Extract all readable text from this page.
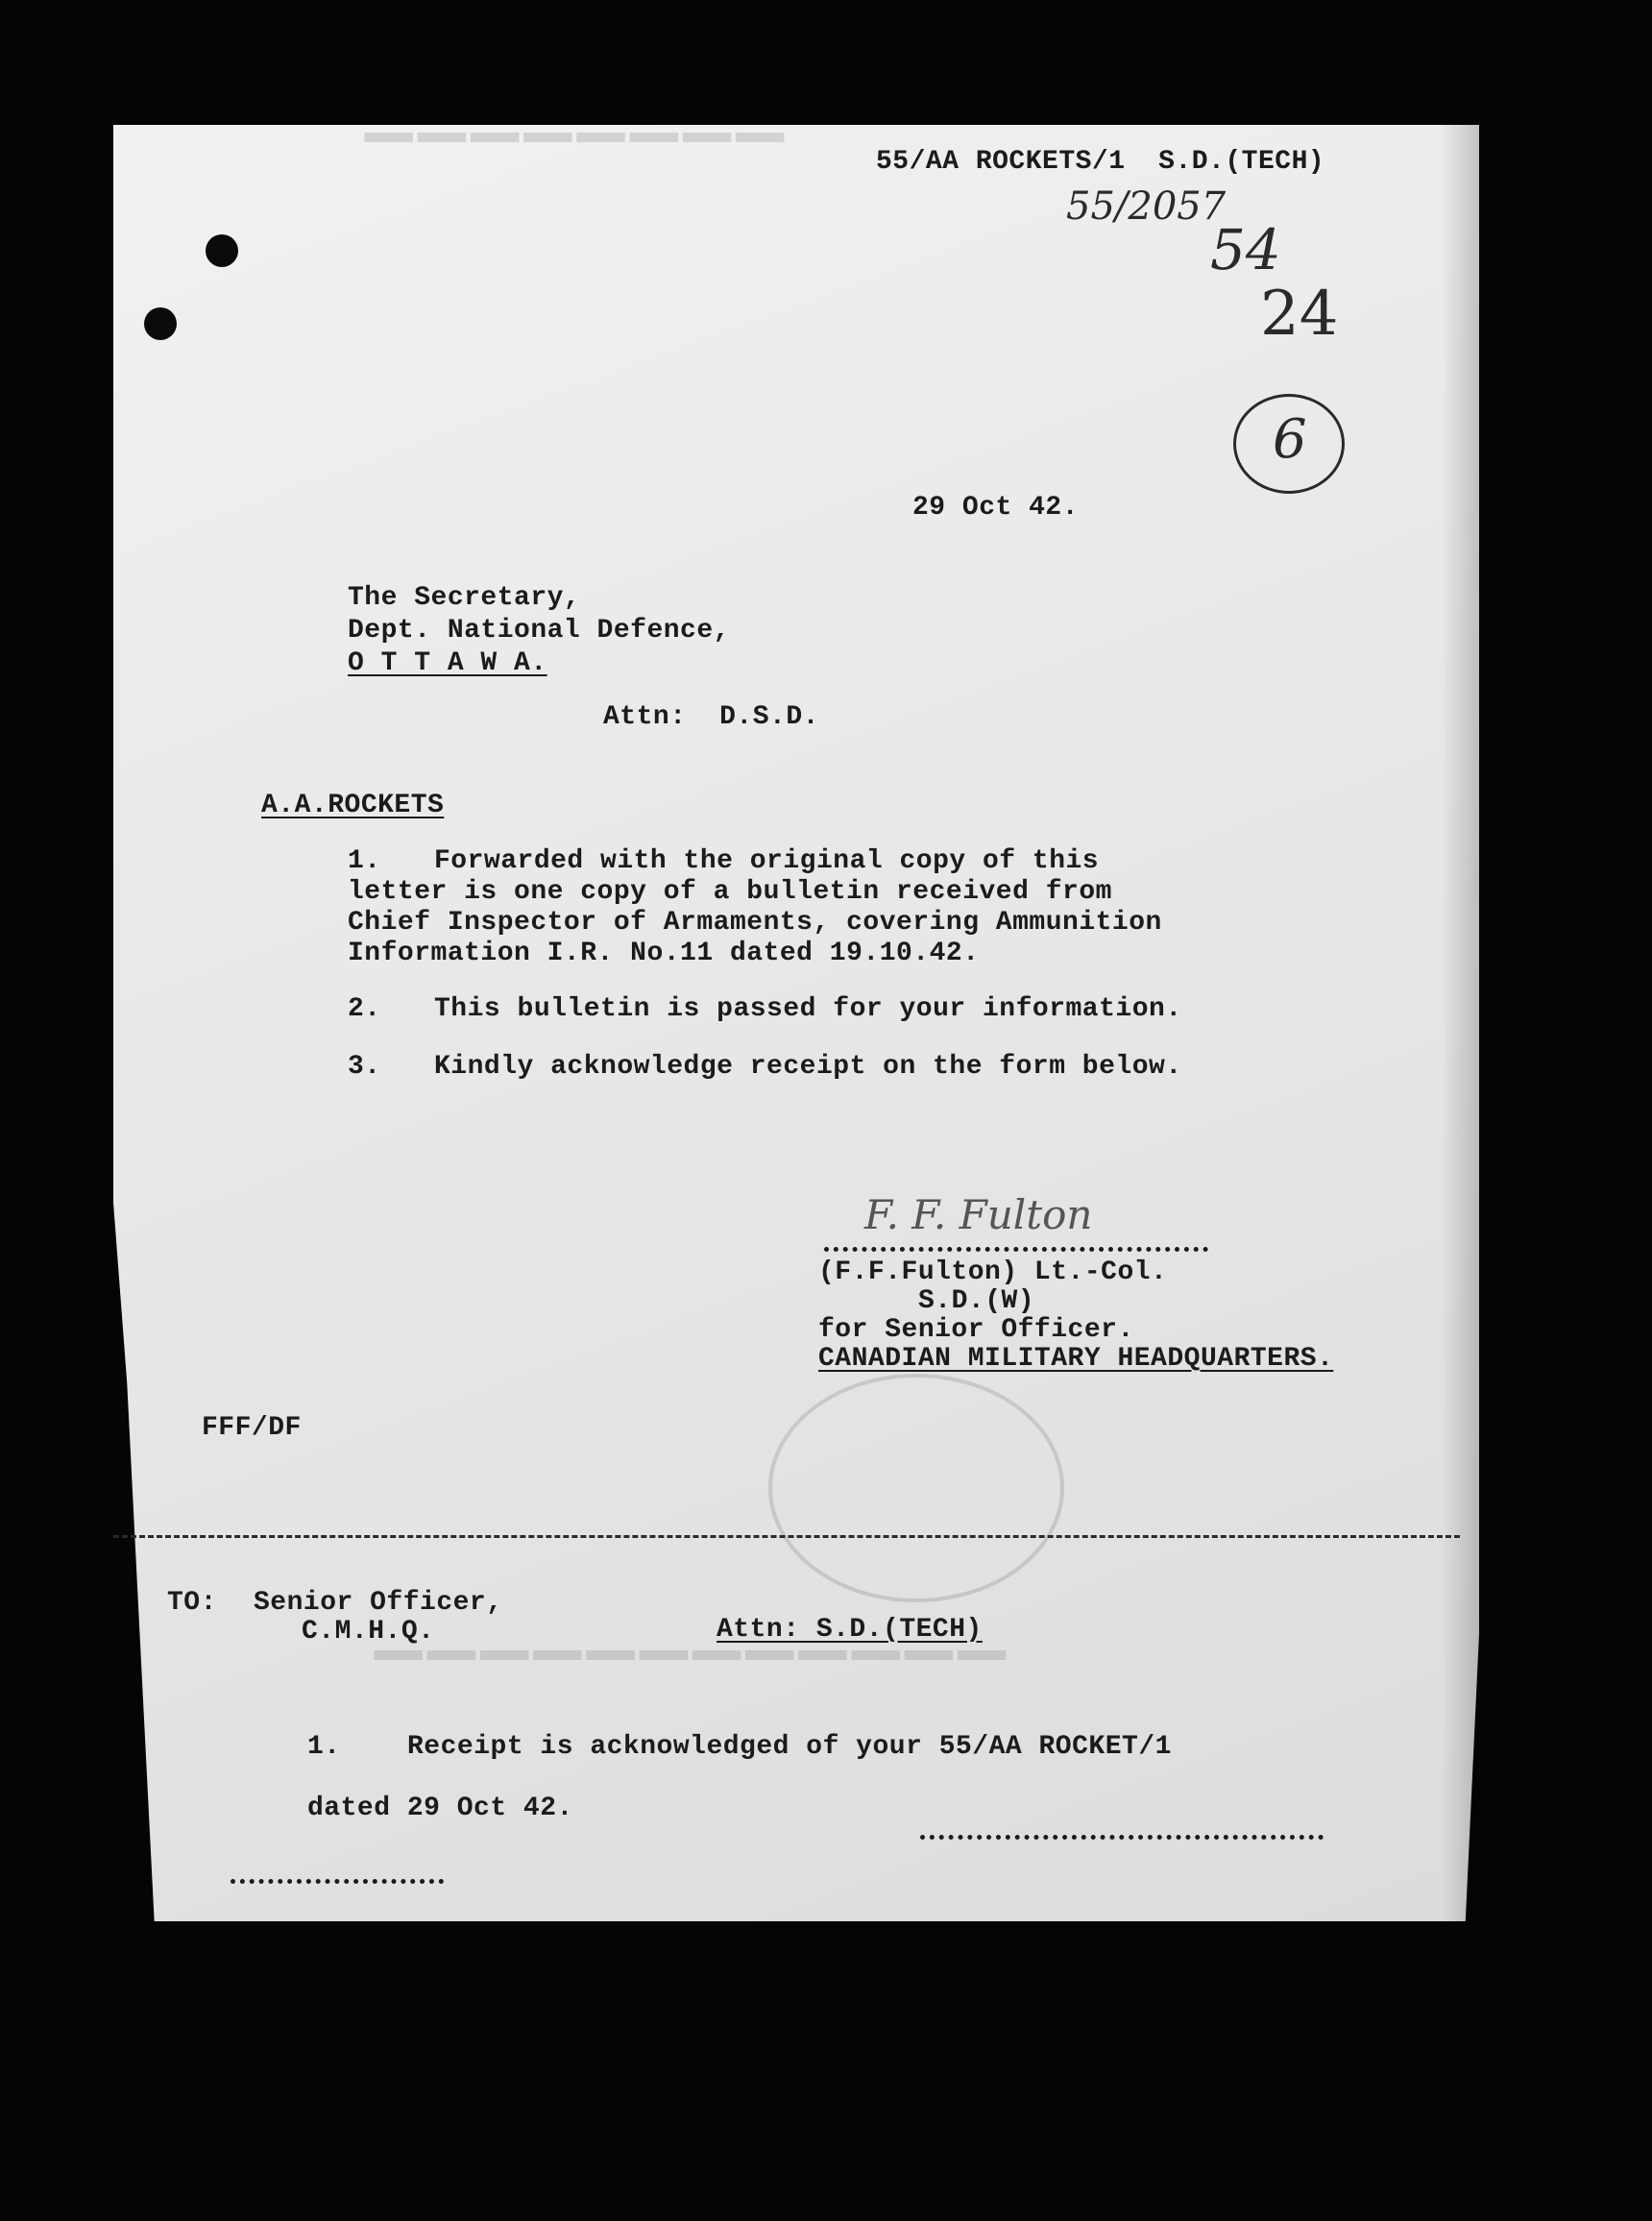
▔▔▔▔▔▔▔▔
▔▔▔▔▔▔▔▔▔▔▔▔
55/AA ROCKETS/1  S.D.(TECH)
55/2057
54
24
6
29 Oct 42.
The Secretary,
Dept. National Defence,
O T T A W A.
Attn:  D.S.D.
A.A.ROCKETS
1. Forwarded with the original copy of this
letter is one copy of a bulletin received from
Chief Inspector of Armaments, covering Ammunition
Information I.R. No.11 dated 19.10.42.
2. This bulletin is passed for your information.
3. Kindly acknowledge receipt on the form below.
F. F. Fulton
(F.F.Fulton) Lt.-Col.
S.D.(W)
for Senior Officer.
CANADIAN MILITARY HEADQUARTERS.
FFF/DF
TO: Senior Officer,
C.M.H.Q.	Attn: S.D.(TECH)
1. Receipt is acknowledged of your 55/AA ROCKET/1
dated 29 Oct 42.
